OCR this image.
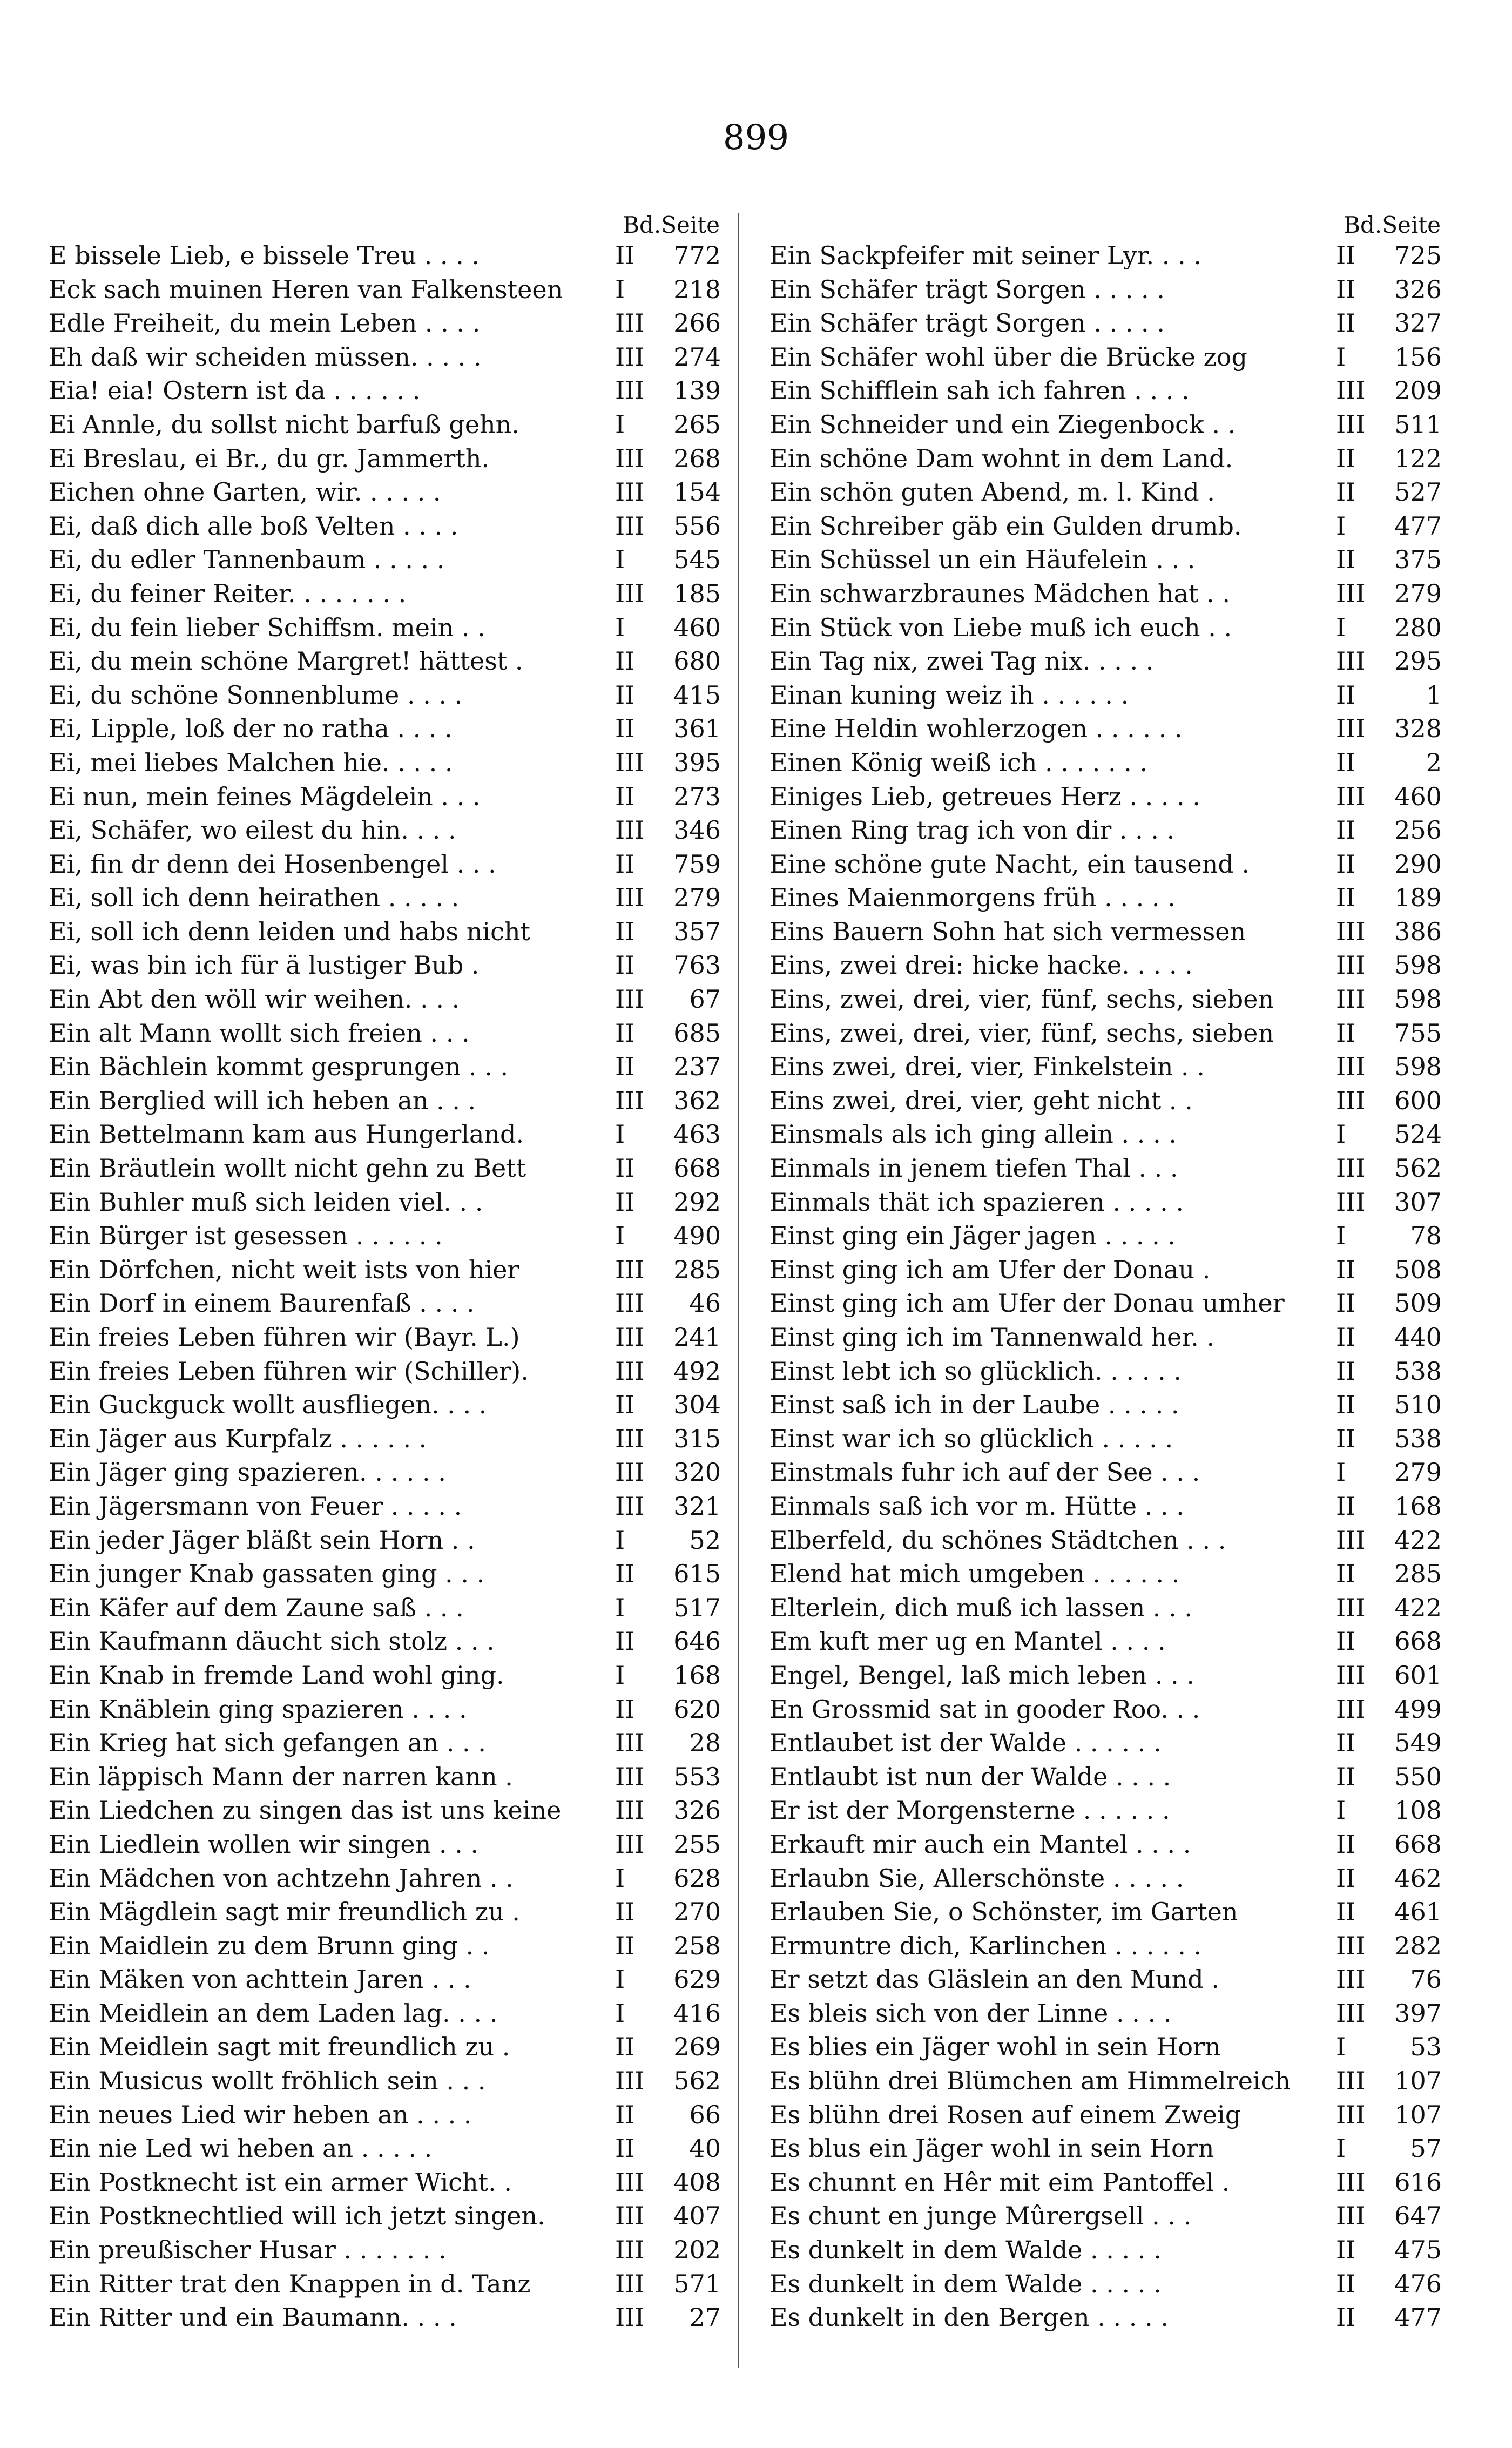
899
Bd.Seite
E bissele Lieb, e bissele Treu . . . .	II	772
Eck sach muinen Heren van Falkensteen	I	218
Edle Freiheit, du mein Leben . . . .	III	266
Eh daß wir scheiden müssen. . . . .	III	274
Eia! eia! Ostern ist da . . . . . .	III	139
Ei Annle, du sollst nicht barfuß gehn.	I	265
Ei Breslau, ei Br., du gr. Jammerth.	III	268
Eichen ohne Garten, wir. . . . . .	III	154
Ei, daß dich alle boß Velten . . . .	III	556
Ei, du edler Tannenbaum . . . . .	I	545
Ei, du feiner Reiter. . . . . . . .	III	185
Ei, du fein lieber Schiffsm. mein . .	I	460
Ei, du mein schöne Margret! hättest .	II	680
Ei, du schöne Sonnenblume . . . .	II	415
Ei, Lipple, loß der no ratha . . . .	II	361
Ei, mei liebes Malchen hie. . . . .	III	395
Ei nun, mein feines Mägdelein . . .	II	273
Ei, Schäfer, wo eilest du hin. . . .	III	346
Ei, fin dr denn dei Hosenbengel . . .	II	759
Ei, soll ich denn heirathen . . . . .	III	279
Ei, soll ich denn leiden und habs nicht	II	357
Ei, was bin ich für ä lustiger Bub .	II	763
Ein Abt den wöll wir weihen. . . .	III	67
Ein alt Mann wollt sich freien . . .	II	685
Ein Bächlein kommt gesprungen . . .	II	237
Ein Berglied will ich heben an . . .	III	362
Ein Bettelmann kam aus Hungerland.	I	463
Ein Bräutlein wollt nicht gehn zu Bett	II	668
Ein Buhler muß sich leiden viel. . .	II	292
Ein Bürger ist gesessen . . . . . .	I	490
Ein Dörfchen, nicht weit ists von hier	III	285
Ein Dorf in einem Baurenfaß . . . .	III	46
Ein freies Leben führen wir (Bayr. L.)	III	241
Ein freies Leben führen wir (Schiller).	III	492
Ein Guckguck wollt ausfliegen. . . .	II	304
Ein Jäger aus Kurpfalz . . . . . .	III	315
Ein Jäger ging spazieren. . . . . .	III	320
Ein Jägersmann von Feuer . . . . .	III	321
Ein jeder Jäger bläßt sein Horn . .	I	52
Ein junger Knab gassaten ging . . .	II	615
Ein Käfer auf dem Zaune saß . . .	I	517
Ein Kaufmann däucht sich stolz . . .	II	646
Ein Knab in fremde Land wohl ging.	I	168
Ein Knäblein ging spazieren . . . .	II	620
Ein Krieg hat sich gefangen an . . .	III	28
Ein läppisch Mann der narren kann .	III	553
Ein Liedchen zu singen das ist uns keine	III	326
Ein Liedlein wollen wir singen . . .	III	255
Ein Mädchen von achtzehn Jahren . .	I	628
Ein Mägdlein sagt mir freundlich zu .	II	270
Ein Maidlein zu dem Brunn ging . .	II	258
Ein Mäken von achttein Jaren . . .	I	629
Ein Meidlein an dem Laden lag. . . .	I	416
Ein Meidlein sagt mit freundlich zu .	II	269
Ein Musicus wollt fröhlich sein . . .	III	562
Ein neues Lied wir heben an . . . .	II	66
Ein nie Led wi heben an . . . . .	II	40
Ein Postknecht ist ein armer Wicht. .	III	408
Ein Postknechtlied will ich jetzt singen.	III	407
Ein preußischer Husar . . . . . . .	III	202
Ein Ritter trat den Knappen in d. Tanz	III	571
Ein Ritter und ein Baumann. . . .	III	27
Bd.Seite
Ein Sackpfeifer mit seiner Lyr. . . .	II	725
Ein Schäfer trägt Sorgen . . . . .	II	326
Ein Schäfer trägt Sorgen . . . . .	II	327
Ein Schäfer wohl über die Brücke zog	I	156
Ein Schifflein sah ich fahren . . . .	III	209
Ein Schneider und ein Ziegenbock . .	III	511
Ein schöne Dam wohnt in dem Land.	II	122
Ein schön guten Abend, m. l. Kind .	II	527
Ein Schreiber gäb ein Gulden drumb.	I	477
Ein Schüssel un ein Häufelein . . .	II	375
Ein schwarzbraunes Mädchen hat . .	III	279
Ein Stück von Liebe muß ich euch . .	I	280
Ein Tag nix, zwei Tag nix. . . . .	III	295
Einan kuning weiz ih . . . . . .	II	1
Eine Heldin wohlerzogen . . . . . .	III	328
Einen König weiß ich . . . . . . .	II	2
Einiges Lieb, getreues Herz . . . . .	III	460
Einen Ring trag ich von dir . . . .	II	256
Eine schöne gute Nacht, ein tausend .	II	290
Eines Maienmorgens früh . . . . .	II	189
Eins Bauern Sohn hat sich vermessen	III	386
Eins, zwei drei: hicke hacke. . . . .	III	598
Eins, zwei, drei, vier, fünf, sechs, sieben	III	598
Eins, zwei, drei, vier, fünf, sechs, sieben	II	755
Eins zwei, drei, vier, Finkelstein . .	III	598
Eins zwei, drei, vier, geht nicht . .	III	600
Einsmals als ich ging allein . . . .	I	524
Einmals in jenem tiefen Thal . . .	III	562
Einmals thät ich spazieren . . . . .	III	307
Einst ging ein Jäger jagen . . . . .	I	78
Einst ging ich am Ufer der Donau .	II	508
Einst ging ich am Ufer der Donau umher	II	509
Einst ging ich im Tannenwald her. .	II	440
Einst lebt ich so glücklich. . . . . .	II	538
Einst saß ich in der Laube . . . . .	II	510
Einst war ich so glücklich . . . . .	II	538
Einstmals fuhr ich auf der See . . .	I	279
Einmals saß ich vor m. Hütte . . .	II	168
Elberfeld, du schönes Städtchen . . .	III	422
Elend hat mich umgeben . . . . . .	II	285
Elterlein, dich muß ich lassen . . .	III	422
Em kuft mer ug en Mantel . . . .	II	668
Engel, Bengel, laß mich leben . . .	III	601
En Grossmid sat in gooder Roo. . .	III	499
Entlaubet ist der Walde . . . . . .	II	549
Entlaubt ist nun der Walde . . . .	II	550
Er ist der Morgensterne . . . . . .	I	108
Erkauft mir auch ein Mantel . . . .	II	668
Erlaubn Sie, Allerschönste . . . . .	II	462
Erlauben Sie, o Schönster, im Garten	II	461
Ermuntre dich, Karlinchen . . . . . .	III	282
Er setzt das Gläslein an den Mund .	III	76
Es bleis sich von der Linne . . . .	III	397
Es blies ein Jäger wohl in sein Horn	I	53
Es blühn drei Blümchen am Himmelreich	III	107
Es blühn drei Rosen auf einem Zweig	III	107
Es blus ein Jäger wohl in sein Horn	I	57
Es chunnt en Hêr mit eim Pantoffel .	III	616
Es chunt en junge Mûrergsell . . .	III	647
Es dunkelt in dem Walde . . . . .	II	475
Es dunkelt in dem Walde . . . . .	II	476
Es dunkelt in den Bergen . . . . .	II	477
